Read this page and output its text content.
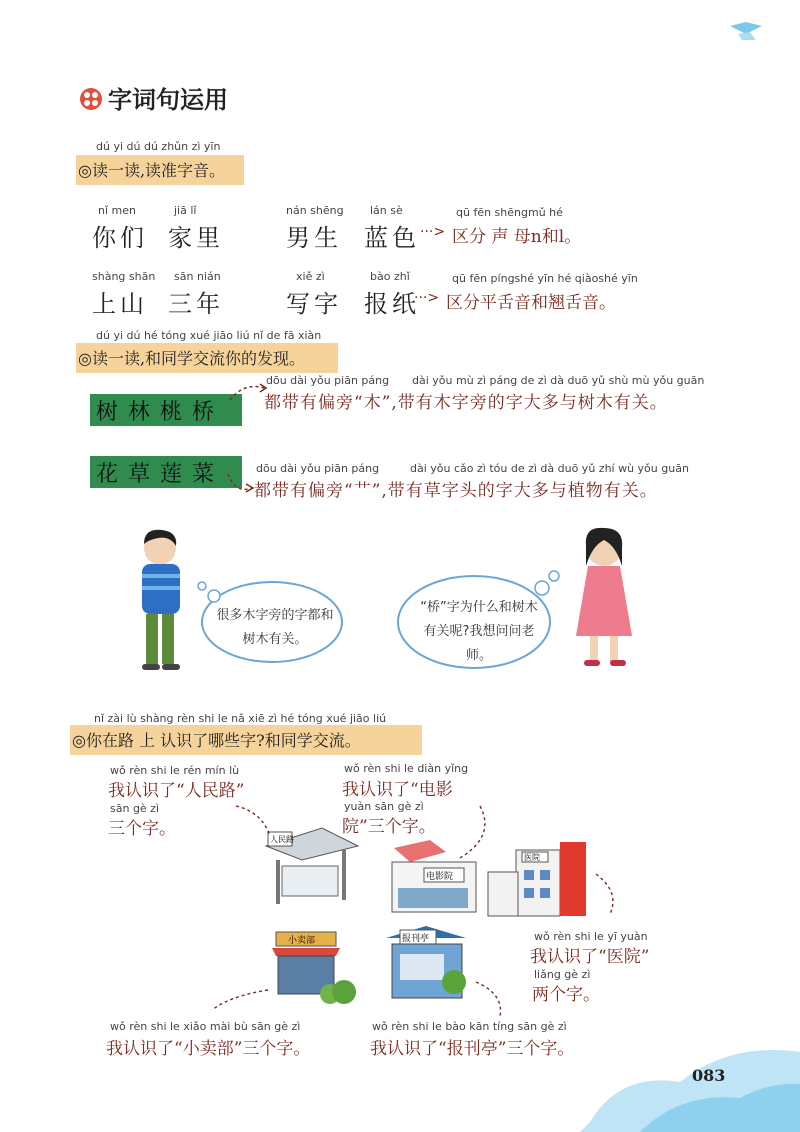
字词句运用
dú yi dú dú zhǔn zì yīn
◎读一读,读准字音。
nǐ men
你们
jiā lǐ
家里
nán shēng
男生
lán sè
蓝色 ···>
qū fēn shēngmǔ hé
区分 声 母n和l。
shàng shān
上山
sān nián
三年
xiě zì
写字
bào zhǐ
报纸
···>
qū fēn píngshé yīn hé qiàoshé yīn
区分平舌音和翘舌音。
dú yi dú hé tóng xué jiāo liú nǐ de fā xiàn
◎读一读,和同学交流你的发现。
树林桃桥
dōu dài yǒu piān páng dài yǒu mù zì páng de zì dà duō yǔ shù mù yǒu guān
都带有偏旁“木”,带有木字旁的字大多与树木有关。
花草莲菜	dōu dài yǒu piān páng	dài yǒu cǎo zì tóu de zì dà duō yǔ zhí wù yǒu guān
都带有偏旁“艹”,带有草字头的字大多与植物有关。
很多木字旁的字都和树木有关。
“桥”字为什么和树木有关呢?我想问问老师。
nǐ zài lù shàng rèn shi le nǎ xiē zì hé tóng xué jiāo liú
◎你在路 上 认识了哪些字?和同学交流。
wǒ rèn shi le rén mín lù
我认识了“人民路”
sān gè zì
三个字。
wǒ rèn shi le diàn yǐng
我认识了“电影
yuàn sān gè zì
院”三个字。
人民路
电影院
医院
小卖部	报刊亭	wǒ rèn shi le yī yuàn
我认识了“医院”
liǎng gè zì
两个字。
wǒ rèn shi le xiǎo mài bù sān gè zì
我认识了“小卖部”三个字。
wǒ rèn shi le bào kān tíng sān gè zì
我认识了“报刊亭”三个字。
083
